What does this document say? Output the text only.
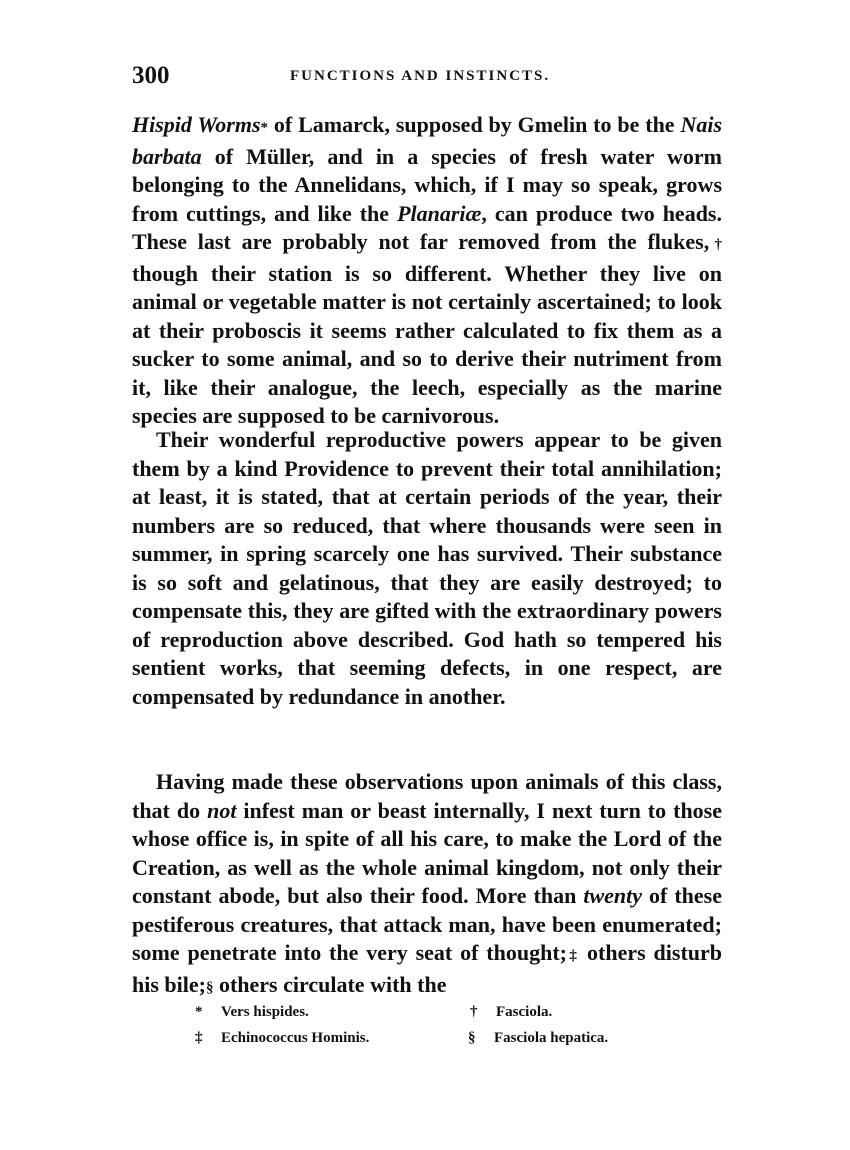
300	FUNCTIONS AND INSTINCTS.

Hispid Worms* of Lamarck, supposed by Gmelin to be the Nais barbata of Müller, and in a species of fresh water worm belonging to the Annelidans, which, if I may so speak, grows from cuttings, and like the Planariæ, can produce two heads. These last are probably not far removed from the flukes,† though their station is so different. Whether they live on animal or vegetable matter is not certainly ascertained; to look at their proboscis it seems rather calculated to fix them as a sucker to some animal, and so to derive their nutriment from it, like their analogue, the leech, especially as the marine species are supposed to be carnivorous.

Their wonderful reproductive powers appear to be given them by a kind Providence to prevent their total annihilation; at least, it is stated, that at certain periods of the year, their numbers are so reduced, that where thousands were seen in summer, in spring scarcely one has survived. Their substance is so soft and gelatinous, that they are easily destroyed; to compensate this, they are gifted with the extraordinary powers of reproduction above described. God hath so tempered his sentient works, that seeming defects, in one respect, are compensated by redundance in another.

Having made these observations upon animals of this class, that do not infest man or beast internally, I next turn to those whose office is, in spite of all his care, to make the Lord of the Creation, as well as the whole animal kingdom, not only their constant abode, but also their food. More than twenty of these pestiferous creatures, that attack man, have been enumerated; some penetrate into the very seat of thought;‡ others disturb his bile;§ others circulate with the

* Vers hispides.	† Fasciola.
‡ Echinococcus Hominis.	§ Fasciola hepatica.
